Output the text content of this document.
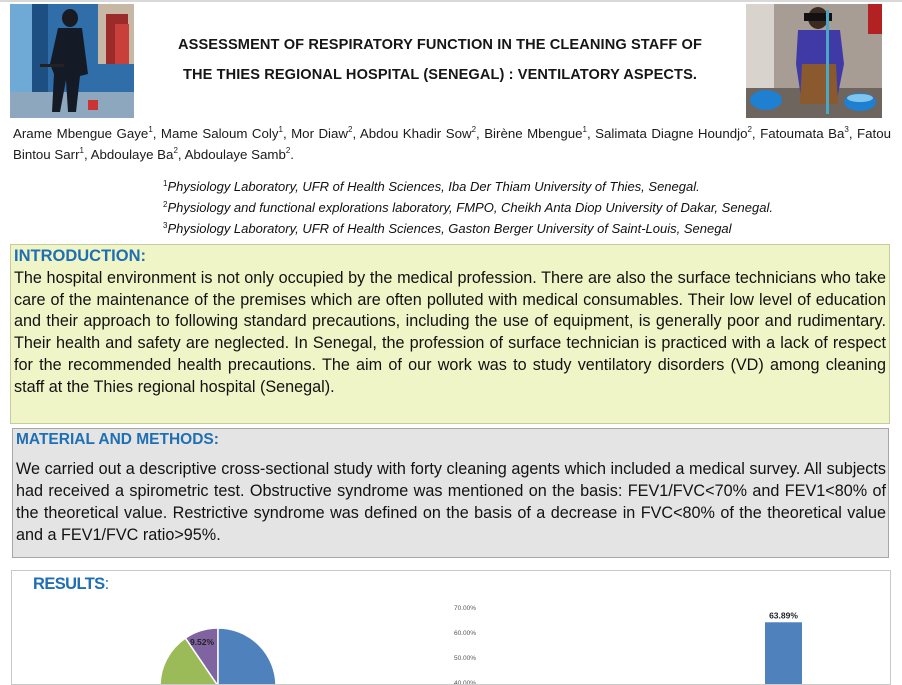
ASSESSMENT OF RESPIRATORY FUNCTION IN THE CLEANING STAFF OF
THE THIES REGIONAL HOSPITAL (SENEGAL) : VENTILATORY ASPECTS.
Arame Mbengue Gaye$^1$, Mame Saloum Coly$^1$, Mor Diaw$^2$, Abdou Khadir Sow$^2$, Birène Mbengue$^1$, Salimata Diagne Houndjo$^2$, Fatoumata Ba$^3$, Fatou Bintou Sarr$^1$, Abdoulaye Ba$^2$, Abdoulaye Samb$^2$.
$^1$Physiology Laboratory, UFR of Health Sciences, Iba Der Thiam University of Thies, Senegal.
$^2$Physiology and functional explorations laboratory, FMPO, Cheikh Anta Diop University of Dakar, Senegal.
$^3$Physiology Laboratory, UFR of Health Sciences, Gaston Berger University of Saint-Louis, Senegal
INTRODUCTION:
The hospital environment is not only occupied by the medical profession. There are also the surface technicians who take care of the maintenance of the premises which are often polluted with medical consumables. Their low level of education and their approach to following standard precautions, including the use of equipment, is generally poor and rudimentary. Their health and safety are neglected. In Senegal, the profession of surface technician is practiced with a lack of respect for the recommended health precautions. The aim of our work was to study ventilatory disorders (VD) among cleaning staff at the Thies regional hospital (Senegal).
MATERIAL AND METHODS:
We carried out a descriptive cross-sectional study with forty cleaning agents which included a medical survey. All subjects had received a spirometric test. Obstructive syndrome was mentioned on the basis: FEV1/FVC<70% and FEV1<80% of the theoretical value. Restrictive syndrome was defined on the basis of a decrease in FVC<80% of the theoretical value and a FEV1/FVC ratio>95%.
9.52%
70.00%
60.00%
50.00%
40.00%
63.89%
RESULTS:
